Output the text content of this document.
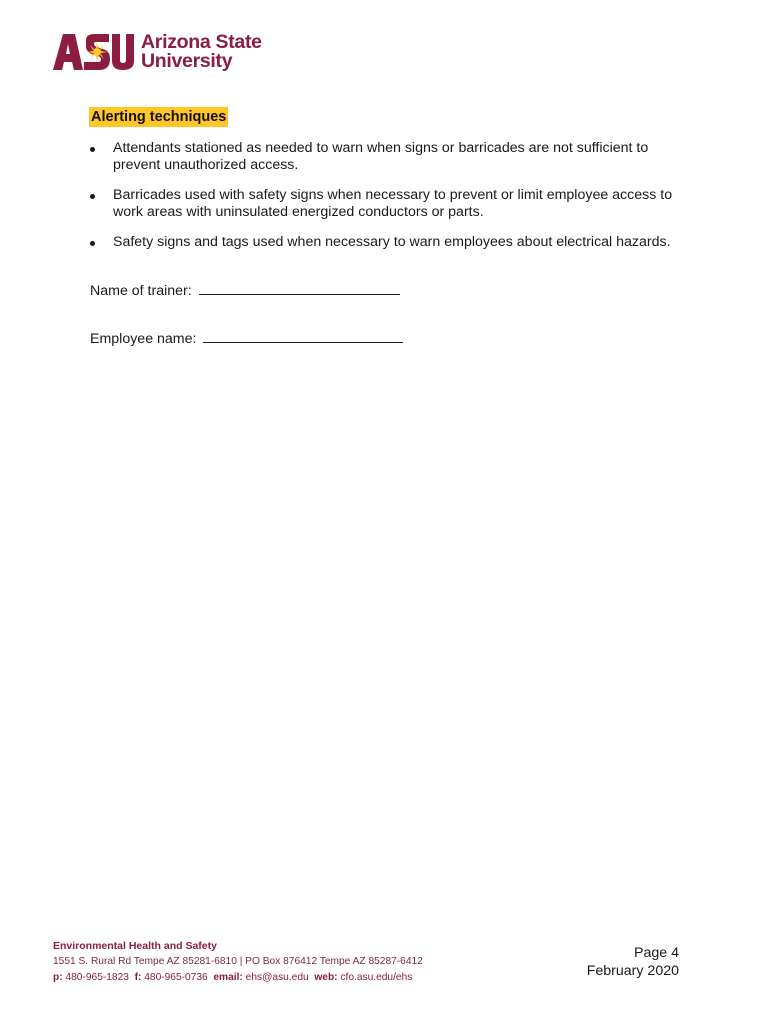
Arizona State
University
Alerting techniques
Attendants stationed as needed to warn when signs or barricades are not sufficient to prevent unauthorized access.
Barricades used with safety signs when necessary to prevent or limit employee access to work areas with uninsulated energized conductors or parts.
Safety signs and tags used when necessary to warn employees about electrical hazards.
Name of trainer:
Employee name:
Environmental Health and Safety
1551 S. Rural Rd Tempe AZ 85281-6810 | PO Box 876412 Tempe AZ 85287-6412
p: 480-965-1823 f: 480-965-0736 email: ehs@asu.edu web: cfo.asu.edu/ehs
Page 4
February 2020
